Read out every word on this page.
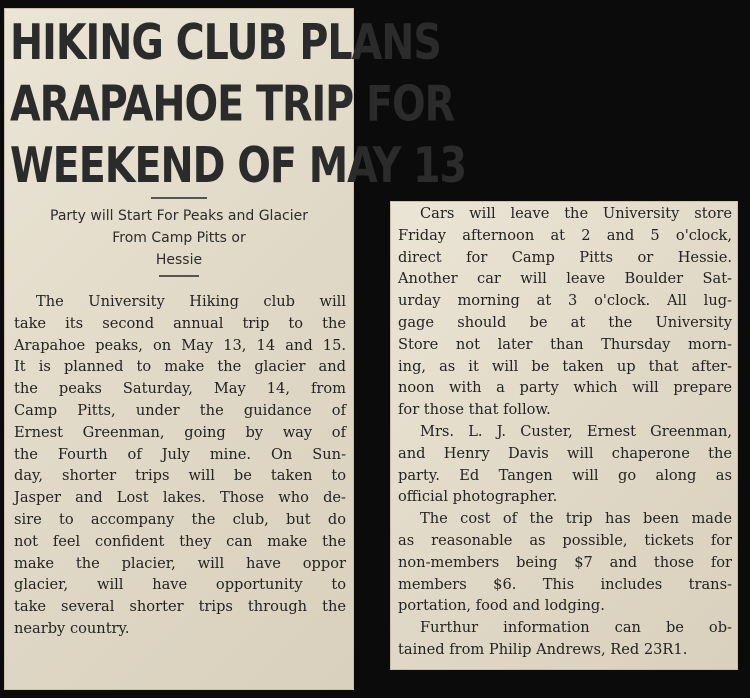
HIKING CLUB PLANS
ARAPAHOE TRIP FOR
WEEKEND OF MAY 13
Party will Start For Peaks and Glacier
From Camp Pitts or
Hessie
The University Hiking club will
take its second annual trip to the
Arapahoe peaks, on May 13, 14 and 15.
It is planned to make the glacier and
the peaks Saturday, May 14, from
Camp Pitts, under the guidance of
Ernest Greenman, going by way of
the Fourth of July mine. On Sun-
day, shorter trips will be taken to
Jasper and Lost lakes. Those who de-
sire to accompany the club, but do
not feel confident they can make the
make the placier, will have oppor
glacier, will have opportunity to
take several shorter trips through the
nearby country.
Cars will leave the University store
Friday afternoon at 2 and 5 o'clock,
direct for Camp Pitts or Hessie.
Another car will leave Boulder Sat-
urday morning at 3 o'clock. All lug-
gage should be at the University
Store not later than Thursday morn-
ing, as it will be taken up that after-
noon with a party which will prepare
for those that follow.
Mrs. L. J. Custer, Ernest Greenman,
and Henry Davis will chaperone the
party. Ed Tangen will go along as
official photographer.
The cost of the trip has been made
as reasonable as possible, tickets for
non-members being $7 and those for
members $6. This includes trans-
portation, food and lodging.
Furthur information can be ob-
tained from Philip Andrews, Red 23R1.
